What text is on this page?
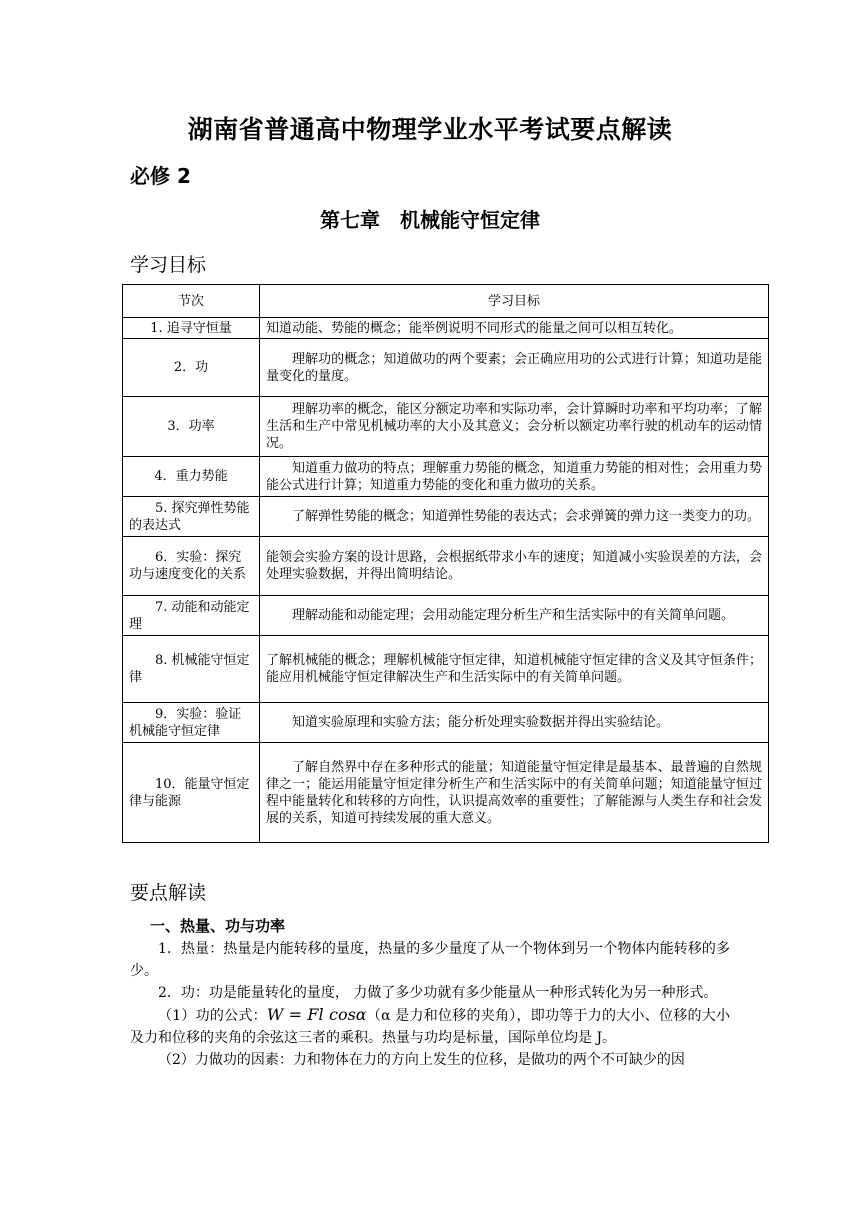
湖南省普通高中物理学业水平考试要点解读
必修 2
第七章　机械能守恒定律
学习目标
节次	学习目标
1. 追寻守恒量	知道动能、势能的概念；能举例说明不同形式的能量之间可以相互转化。
2．功	理解功的概念；知道做功的两个要素；会正确应用功的公式进行计算；知道功是能量变化的量度。
3．功率	理解功率的概念，能区分额定功率和实际功率，会计算瞬时功率和平均功率；了解生活和生产中常见机械功率的大小及其意义；会分析以额定功率行驶的机动车的运动情况。
4．重力势能	知道重力做功的特点；理解重力势能的概念，知道重力势能的相对性；会用重力势能公式进行计算；知道重力势能的变化和重力做功的关系。
5. 探究弹性势能的表达式	了解弹性势能的概念；知道弹性势能的表达式；会求弹簧的弹力这一类变力的功。
6．实验：探究功与速度变化的关系	能领会实验方案的设计思路，会根据纸带求小车的速度；知道减小实验误差的方法，会处理实验数据，并得出简明结论。
7. 动能和动能定理	理解动能和动能定理；会用动能定理分析生产和生活实际中的有关简单问题。
8. 机械能守恒定律	了解机械能的概念；理解机械能守恒定律，知道机械能守恒定律的含义及其守恒条件；能应用机械能守恒定律解决生产和生活实际中的有关简单问题。
9．实验：验证机械能守恒定律	知道实验原理和实验方法；能分析处理实验数据并得出实验结论。
10．能量守恒定律与能源	了解自然界中存在多种形式的能量；知道能量守恒定律是最基本、最普遍的自然规律之一；能运用能量守恒定律分析生产和生活实际中的有关简单问题；知道能量守恒过程中能量转化和转移的方向性，认识提高效率的重要性；了解能源与人类生存和社会发展的关系，知道可持续发展的重大意义。
要点解读
一、热量、功与功率

1．热量：热量是内能转移的量度，热量的多少量度了从一个物体到另一个物体内能转移的多少。

2．功：功是能量转化的量度， 力做了多少功就有多少能量从一种形式转化为另一种形式。

（1）功的公式：W = Fl cosα（α 是力和位移的夹角），即功等于力的大小、位移的大小及力和位移的夹角的余弦这三者的乘积。热量与功均是标量，国际单位均是 J。

（2）力做功的因素：力和物体在力的方向上发生的位移，是做功的两个不可缺少的因
